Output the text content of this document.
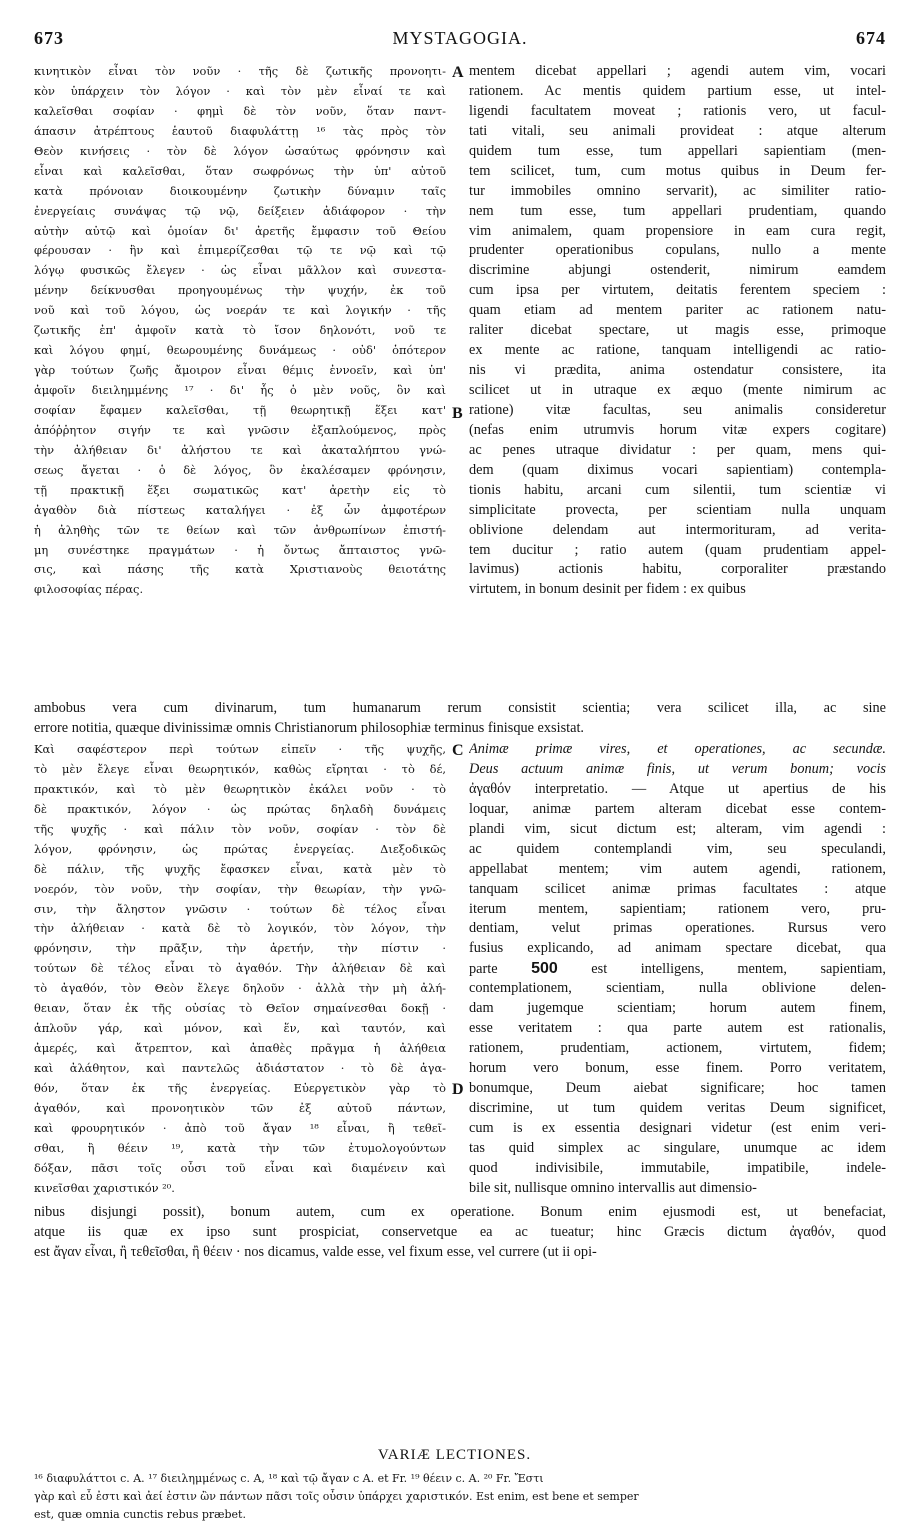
673	MYSTAGOGIA.	674
κινητικὸν εἶναι τὸν νοῦν · τῆς δὲ ζωτικῆς προνοητι-
κὸν ὑπάρχειν τὸν λόγον · καὶ τὸν μὲν εἶναί τε καὶ
καλεῖσθαι σοφίαν · φημὶ δὲ τὸν νοῦν, ὅταν παντ-
άπασιν ἀτρέπτους ἑαυτοῦ διαφυλάττῃ ¹⁶ τὰς πρὸς τὸν
Θεὸν κινήσεις · τὸν δὲ λόγον ὡσαύτως φρόνησιν καὶ
εἶναι καὶ καλεῖσθαι, ὅταν σωφρόνως τὴν ὑπ' αὐτοῦ
κατὰ πρόνοιαν διοικουμένην ζωτικὴν δύναμιν ταῖς
ἐνεργείαις συνάψας τῷ νῷ, δείξειεν ἀδιάφορον · τὴν
αὐτὴν αὐτῷ καὶ ὁμοίαν δι' ἀρετῆς ἔμφασιν τοῦ Θείου
φέρουσαν · ἣν καὶ ἐπιμερίζεσθαι τῷ τε νῷ καὶ τῷ
λόγῳ φυσικῶς ἔλεγεν · ὡς εἶναι μᾶλλον καὶ συνεστα-
μένην δείκνυσθαι προηγουμένως τὴν ψυχήν, ἐκ τοῦ
νοῦ καὶ τοῦ λόγου, ὡς νοεράν τε καὶ λογικήν · τῆς
ζωτικῆς ἐπ' ἀμφοῖν κατὰ τὸ ἴσον δηλονότι, νοῦ τε
καὶ λόγου φημί, θεωρουμένης δυνάμεως · οὐδ' ὁπότερον
γὰρ τούτων ζωῆς ἄμοιρον εἶναι θέμις ἐννοεῖν, καὶ ὑπ'
ἀμφοῖν διειλημμένης ¹⁷ · δι' ἧς ὁ μὲν νοῦς, ὃν καὶ
σοφίαν ἔφαμεν καλεῖσθαι, τῇ θεωρητικῇ ἕξει κατ'
ἀπόῤῥητον σιγήν τε καὶ γνῶσιν ἐξαπλούμενος, πρὸς
τὴν ἀλήθειαν δι' ἀλήστου τε καὶ ἀκαταλήπτου γνώ-
σεως ἄγεται · ὁ δὲ λόγος, ὃν ἐκαλέσαμεν φρόνησιν,
τῇ πρακτικῇ ἕξει σωματικῶς κατ' ἀρετὴν εἰς τὸ
ἀγαθὸν διὰ πίστεως καταλήγει · ἐξ ὧν ἀμφοτέρων
ἡ ἀληθὴς τῶν τε θείων καὶ τῶν ἀνθρωπίνων ἐπιστή-
μη συνέστηκε πραγμάτων · ἡ ὄντως ἄπταιστος γνῶ-
σις, καὶ πάσης τῆς κατὰ Χριστιανοὺς θειοτάτης
φιλοσοφίας πέρας.
mentem dicebat appellari ; agendi autem vim, vocari
rationem. Ac mentis quidem partium esse, ut intel-
ligendi facultatem moveat ; rationis vero, ut facul-
tati vitali, seu animali provideat : atque alterum
quidem tum esse, tum appellari sapientiam (men-
tem scilicet, tum, cum motus quibus in Deum fer-
tur immobiles omnino servarit), ac similiter ratio-
nem tum esse, tum appellari prudentiam, quando
vim animalem, quam propensiore in eam cura regit,
prudenter operationibus copulans, nullo a mente
discrimine abjungi ostenderit, nimirum eamdem
cum ipsa per virtutem, deitatis ferentem speciem :
quam etiam ad mentem pariter ac rationem natu-
raliter dicebat spectare, ut magis esse, primoque
ex mente ac ratione, tanquam intelligendi ac ratio-
nis vi prædita, anima ostendatur consistere, ita
scilicet ut in utraque ex æquo (mente nimirum ac
ratione) vitæ facultas, seu animalis consideretur
(nefas enim utrumvis horum vitæ expers cogitare)
ac penes utraque dividatur : per quam, mens qui-
dem (quam diximus vocari sapientiam) contempla-
tionis habitu, arcani cum silentii, tum scientiæ vi
simplicitate provecta, per scientiam nulla unquam
oblivione delendam aut intermorituram, ad verita-
tem ducitur ; ratio autem (quam prudentiam appel-
lavimus) actionis habitu, corporaliter præstando
virtutem, in bonum desinit per fidem : ex quibus
A
B
ambobus vera cum divinarum, tum humanarum rerum consistit scientia; vera scilicet illa, ac sine
errore notitia, quæque divinissimæ omnis Christianorum philosophiæ terminus finisque exsistat.
Καὶ σαφέστερον περὶ τούτων εἰπεῖν · τῆς ψυχῆς,
τὸ μὲν ἔλεγε εἶναι θεωρητικόν, καθὼς εἴρηται · τὸ δέ,
πρακτικόν, καὶ τὸ μὲν θεωρητικὸν ἐκάλει νοῦν · τὸ
δὲ πρακτικόν, λόγον · ὡς πρώτας δηλαδὴ δυνάμεις
τῆς ψυχῆς · καὶ πάλιν τὸν νοῦν, σοφίαν · τὸν δὲ
λόγον, φρόνησιν, ὡς πρώτας ἐνεργείας. Διεξοδικῶς
δὲ πάλιν, τῆς ψυχῆς ἔφασκεν εἶναι, κατὰ μὲν τὸ
νοερόν, τὸν νοῦν, τὴν σοφίαν, τὴν θεωρίαν, τὴν γνῶ-
σιν, τὴν ἄληστον γνῶσιν · τούτων δὲ τέλος εἶναι
τὴν ἀλήθειαν · κατὰ δὲ τὸ λογικόν, τὸν λόγον, τὴν
φρόνησιν, τὴν πρᾶξιν, τὴν ἀρετήν, τὴν πίστιν ·
τούτων δὲ τέλος εἶναι τὸ ἀγαθόν. Τὴν ἀλήθειαν δὲ καὶ
τὸ ἀγαθόν, τὸν Θεὸν ἔλεγε δηλοῦν · ἀλλὰ τὴν μὴ ἀλή-
θειαν, ὅταν ἐκ τῆς οὐσίας τὸ Θεῖον σημαίνεσθαι δοκῇ ·
ἁπλοῦν γάρ, καὶ μόνον, καὶ ἕν, καὶ ταυτόν, καὶ
ἀμερές, καὶ ἄτρεπτον, καὶ ἀπαθὲς πρᾶγμα ἡ ἀλήθεια
καὶ ἀλάθητον, καὶ παντελῶς ἀδιάστατον · τὸ δὲ ἀγα-
θόν, ὅταν ἐκ τῆς ἐνεργείας. Εὐεργετικὸν γὰρ τὸ
ἀγαθόν, καὶ προνοητικὸν τῶν ἐξ αὐτοῦ πάντων,
καὶ φρουρητικόν · ἀπὸ τοῦ ἄγαν ¹⁸ εἶναι, ἢ τεθεῖ-
σθαι, ἢ θέειν ¹⁹, κατὰ τὴν τῶν ἐτυμολογούντων
δόξαν, πᾶσι τοῖς οὖσι τοῦ εἶναι καὶ διαμένειν καὶ
κινεῖσθαι χαριστικόν ²⁰.
Animæ primæ vires, et operationes, ac secundæ.
Deus actuum animæ finis, ut verum bonum; vocis
ἀγαθόν interpretatio. — Atque ut apertius de his
loquar, animæ partem alteram dicebat esse contem-
plandi vim, sicut dictum est; alteram, vim agendi :
ac quidem contemplandi vim, seu speculandi,
appellabat mentem; vim autem agendi, rationem,
tanquam scilicet animæ primas facultates : atque
iterum mentem, sapientiam; rationem vero, pru-
dentiam, velut primas operationes. Rursus vero
fusius explicando, ad animam spectare dicebat, qua
parte 500 est intelligens, mentem, sapientiam,
contemplationem, scientiam, nulla oblivione delen-
dam jugemque scientiam; horum autem finem,
esse veritatem : qua parte autem est rationalis,
rationem, prudentiam, actionem, virtutem, fidem;
horum vero bonum, esse finem. Porro veritatem,
bonumque, Deum aiebat significare; hoc tamen
discrimine, ut tum quidem veritas Deum significet,
cum is ex essentia designari videtur (est enim veri-
tas quid simplex ac singulare, unumque ac idem
quod indivisibile, immutabile, impatibile, indele-
bile sit, nullisque omnino intervallis aut dimensio-
C
D
nibus disjungi possit), bonum autem, cum ex operatione. Bonum enim ejusmodi est, ut benefaciat,
atque iis quæ ex ipso sunt prospiciat, conservetque ea ac tueatur; hinc Græcis dictum ἀγαθόν, quod
est ἄγαν εἶναι, ἢ τεθεῖσθαι, ἢ θέειν · nos dicamus, valde esse, vel fixum esse, vel currere (ut ii opi-
VARIÆ LECTIONES.
¹⁶ διαφυλάττοι c. A. ¹⁷ διειλημμένως c. A, ¹⁸ καὶ τῷ ἄγαν c A. et Fr. ¹⁹ θέειν c. A. ²⁰ Fr. Ἔστι
γὰρ καὶ εὖ ἐστι καὶ ἀεί ἐστιν ὢν πάντων πᾶσι τοῖς οὖσιν ὑπάρχει χαριστικόν. Est enim, est bene et semper
est, quæ omnia cunctis rebus præbet.
